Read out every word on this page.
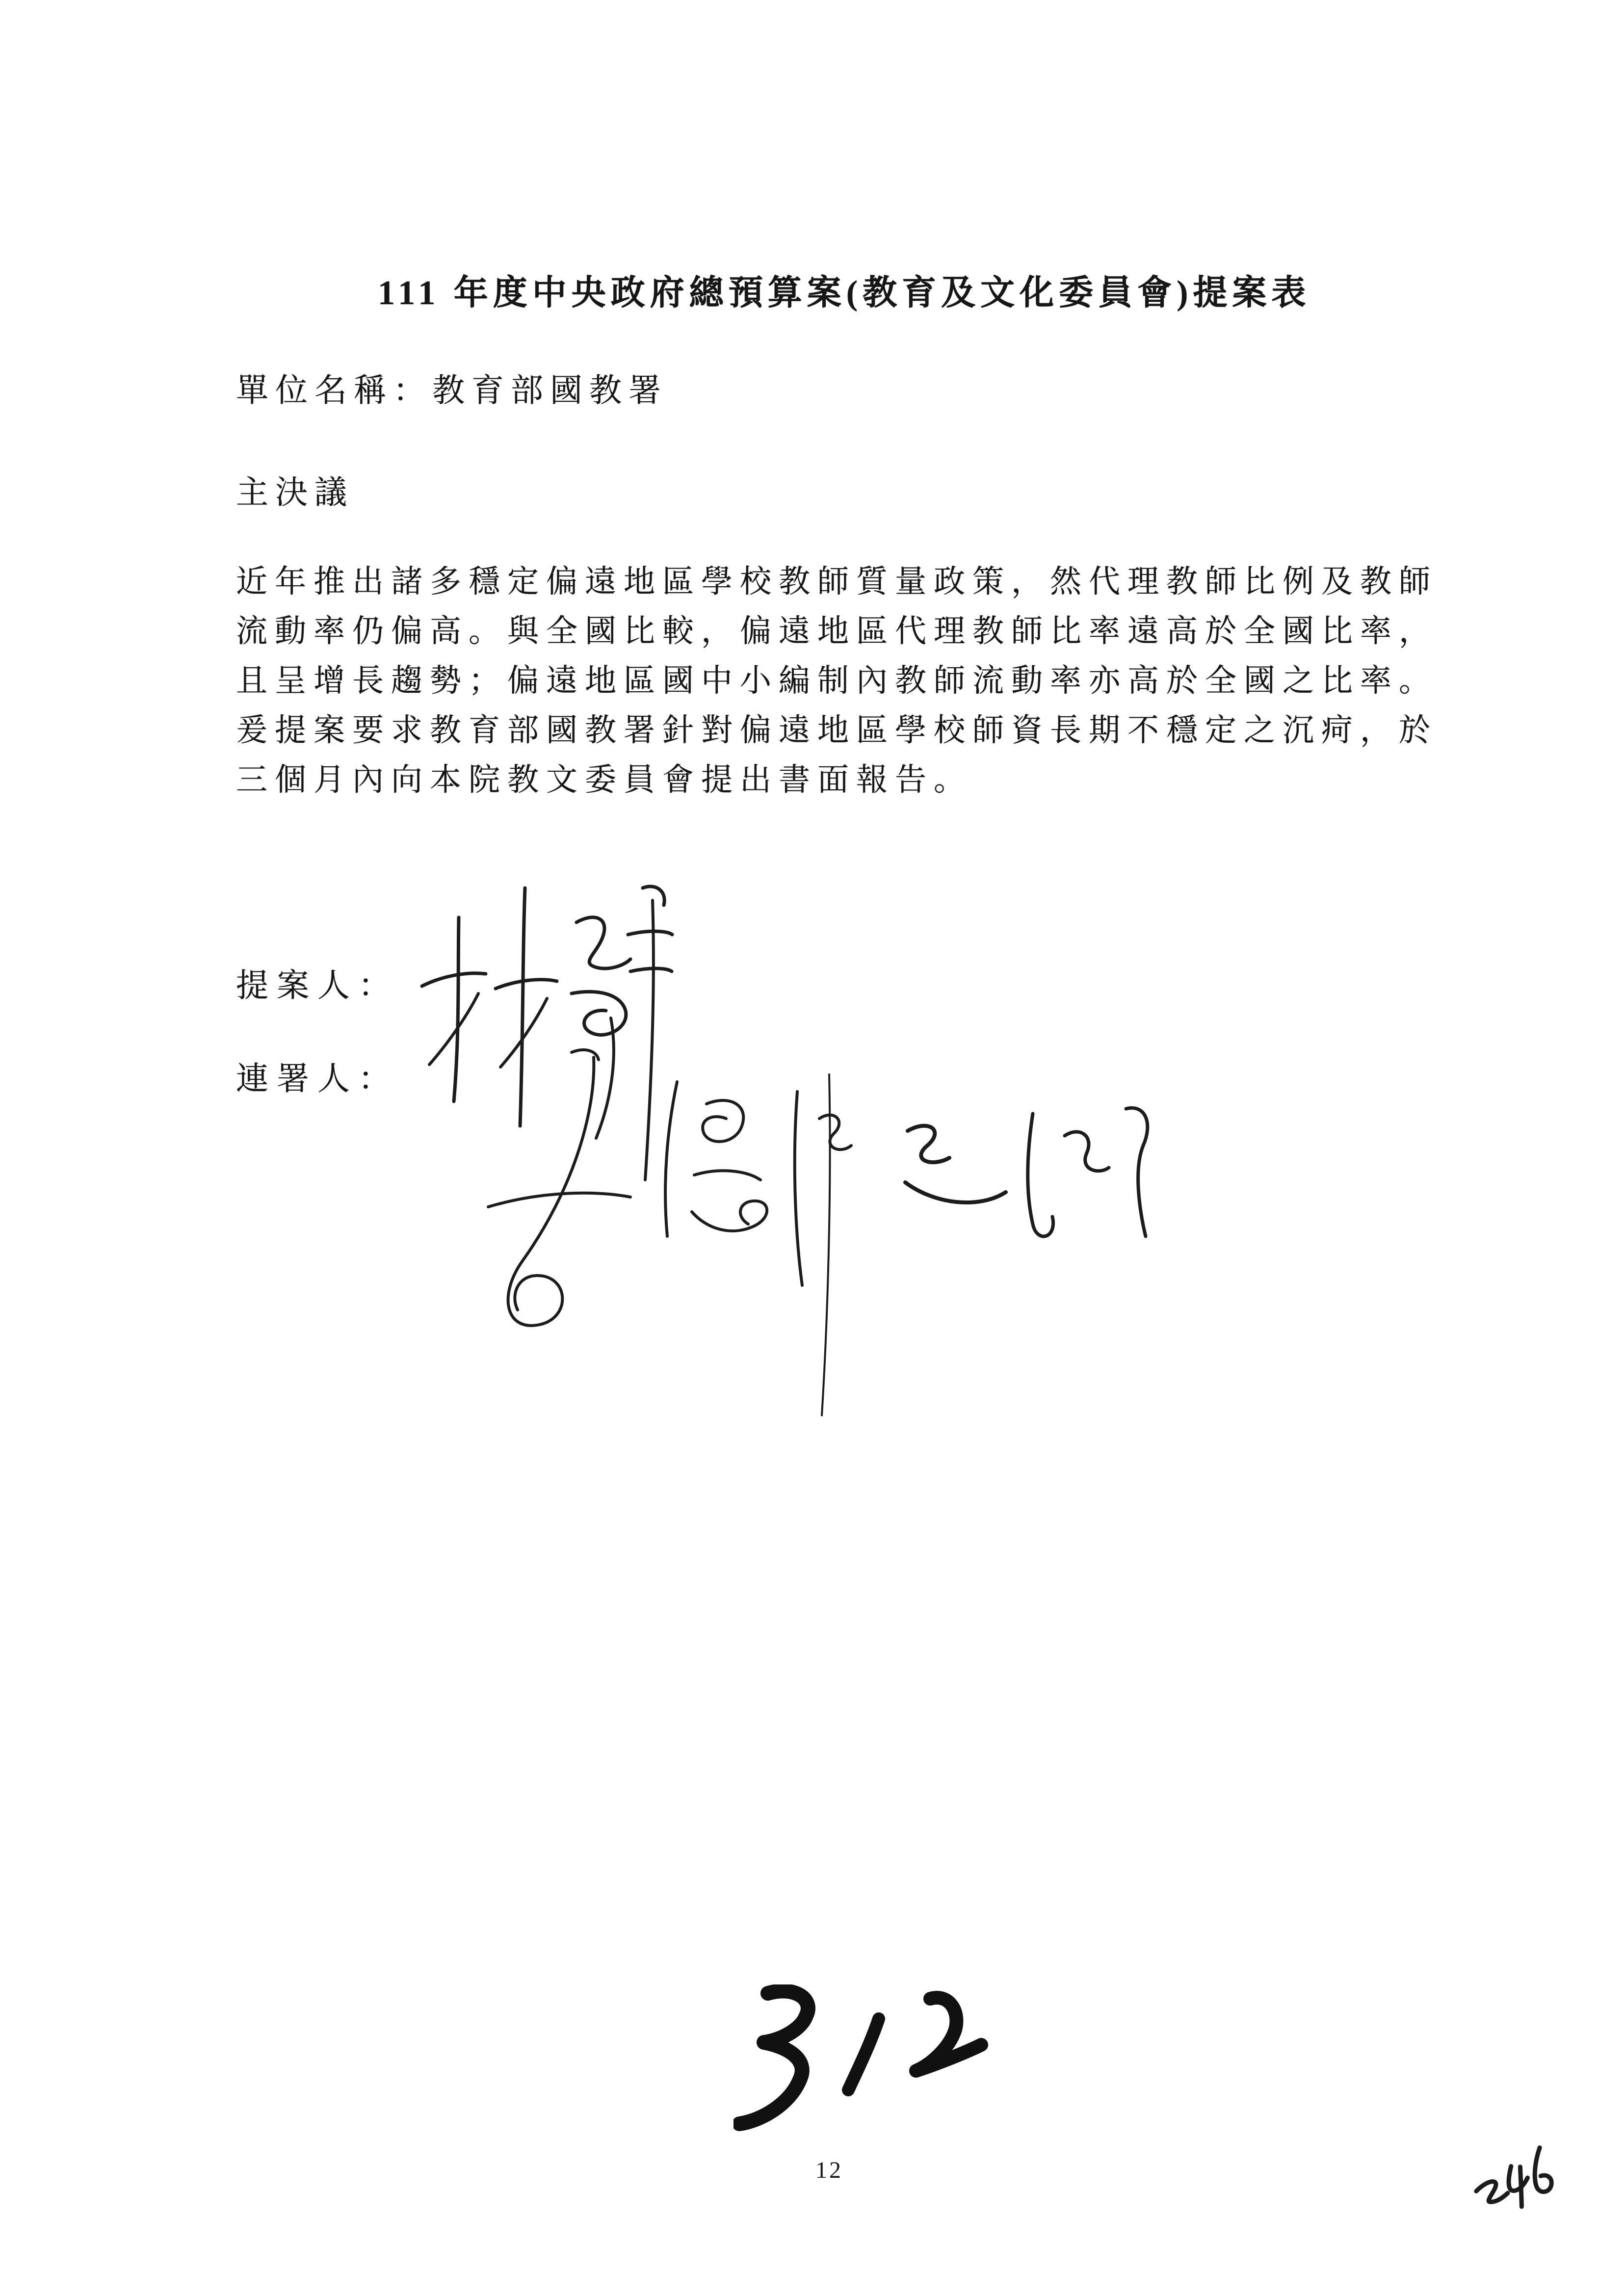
111 年度中央政府總預算案(教育及文化委員會)提案表
單位名稱：教育部國教署
主決議
近年推出諸多穩定偏遠地區學校教師質量政策，然代理教師比例及教師
流動率仍偏高。與全國比較，偏遠地區代理教師比率遠高於全國比率，
且呈增長趨勢；偏遠地區國中小編制內教師流動率亦高於全國之比率。
爰提案要求教育部國教署針對偏遠地區學校師資長期不穩定之沉疴，於
三個月內向本院教文委員會提出書面報告。
提案人：
連署人：
12
